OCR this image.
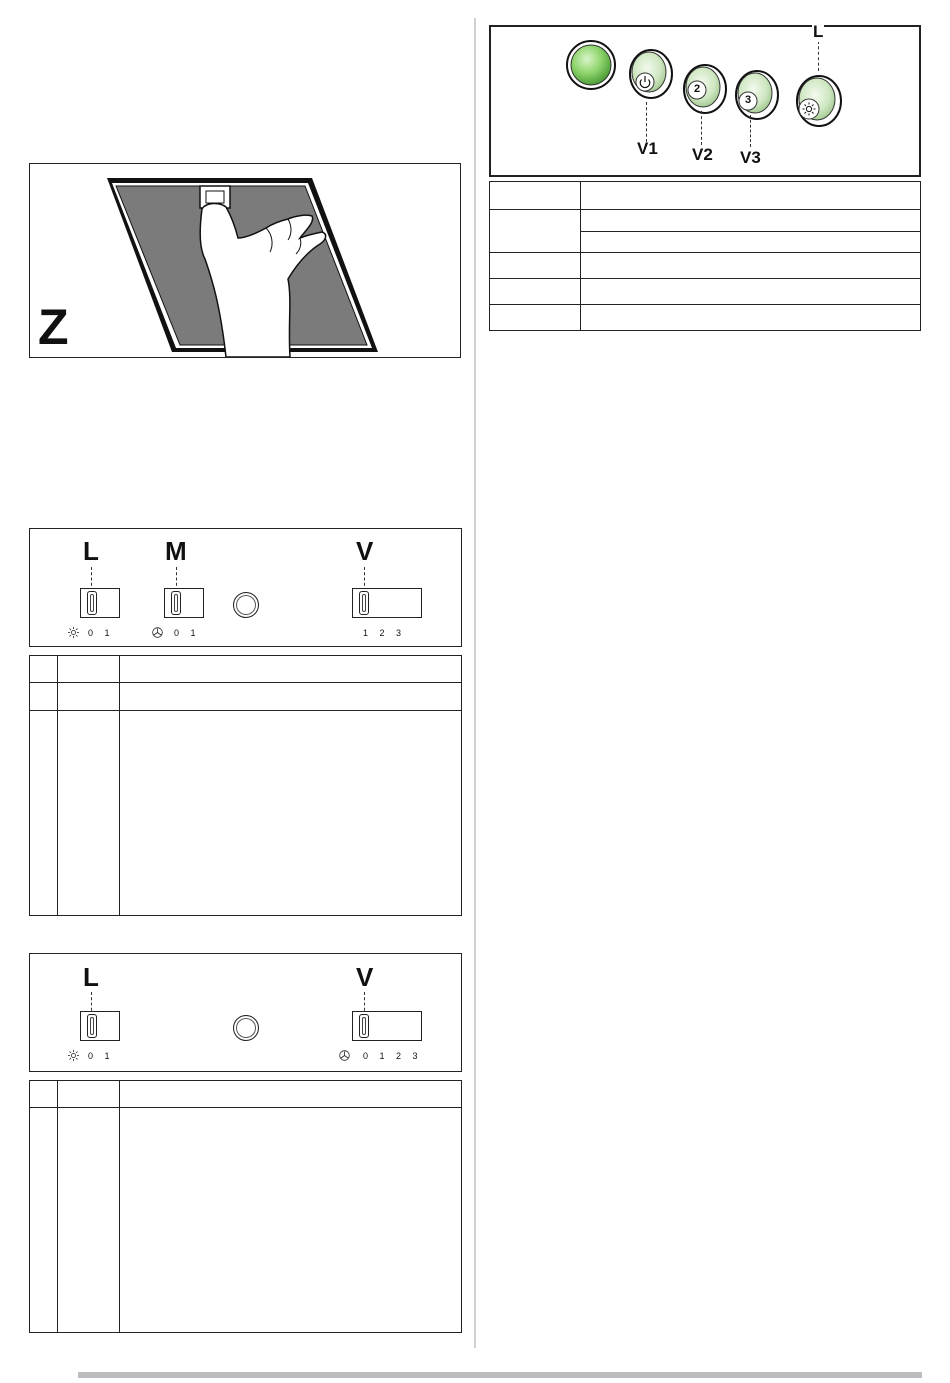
Z
L	M	V
0   1	0   1	1   2   3
L	V
0   1	0   1   2   3
2
3
V1 V2 V3
L
